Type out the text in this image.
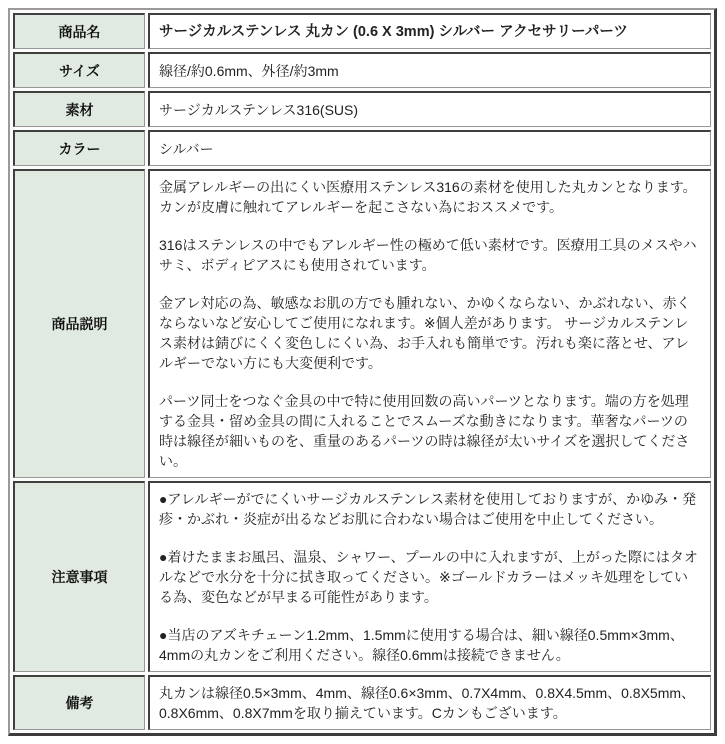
商品名	サージカルステンレス 丸カン (0.6 X 3mm) シルバー アクセサリーパーツ
サイズ	線径/約0.6mm、外径/約3mm
素材	サージカルステンレス316(SUS)
カラー	シルバー
商品説明	金属アレルギーの出にくい医療用ステンレス316の素材を使用した丸カンとなります。カンが皮膚に触れてアレルギーを起こさない為におススメです。

316はステンレスの中でもアレルギー性の極めて低い素材です。医療用工具のメスやハサミ、ボディピアスにも使用されています。

金アレ対応の為、敏感なお肌の方でも腫れない、かゆくならない、かぶれない、赤くならないなど安心してご使用になれます。※個人差があります。 サージカルステンレス素材は錆びにくく変色しにくい為、お手入れも簡単です。汚れも楽に落とせ、アレルギーでない方にも大変便利です。

パーツ同士をつなぐ金具の中で特に使用回数の高いパーツとなります。端の方を処理する金具・留め金具の間に入れることでスムーズな動きになります。華奢なパーツの時は線径が細いものを、重量のあるパーツの時は線径が太いサイズを選択してください。

注意事項	●アレルギーがでにくいサージカルステンレス素材を使用しておりますが、かゆみ・発疹・かぶれ・炎症が出るなどお肌に合わない場合はご使用を中止してください。

●着けたままお風呂、温泉、シャワー、プールの中に入れますが、上がった際にはタオルなどで水分を十分に拭き取ってください。※ゴールドカラーはメッキ処理をしている為、変色などが早まる可能性があります。

●当店のアズキチェーン1.2mm、1.5mmに使用する場合は、細い線径0.5mm×3mm、4mmの丸カンをご利用ください。線径0.6mmは接続できません。

備考	丸カンは線径0.5×3mm、4mm、線径0.6×3mm、0.7X4mm、0.8X4.5mm、0.8X5mm、0.8X6mm、0.8X7mmを取り揃えています。Cカンもございます。
